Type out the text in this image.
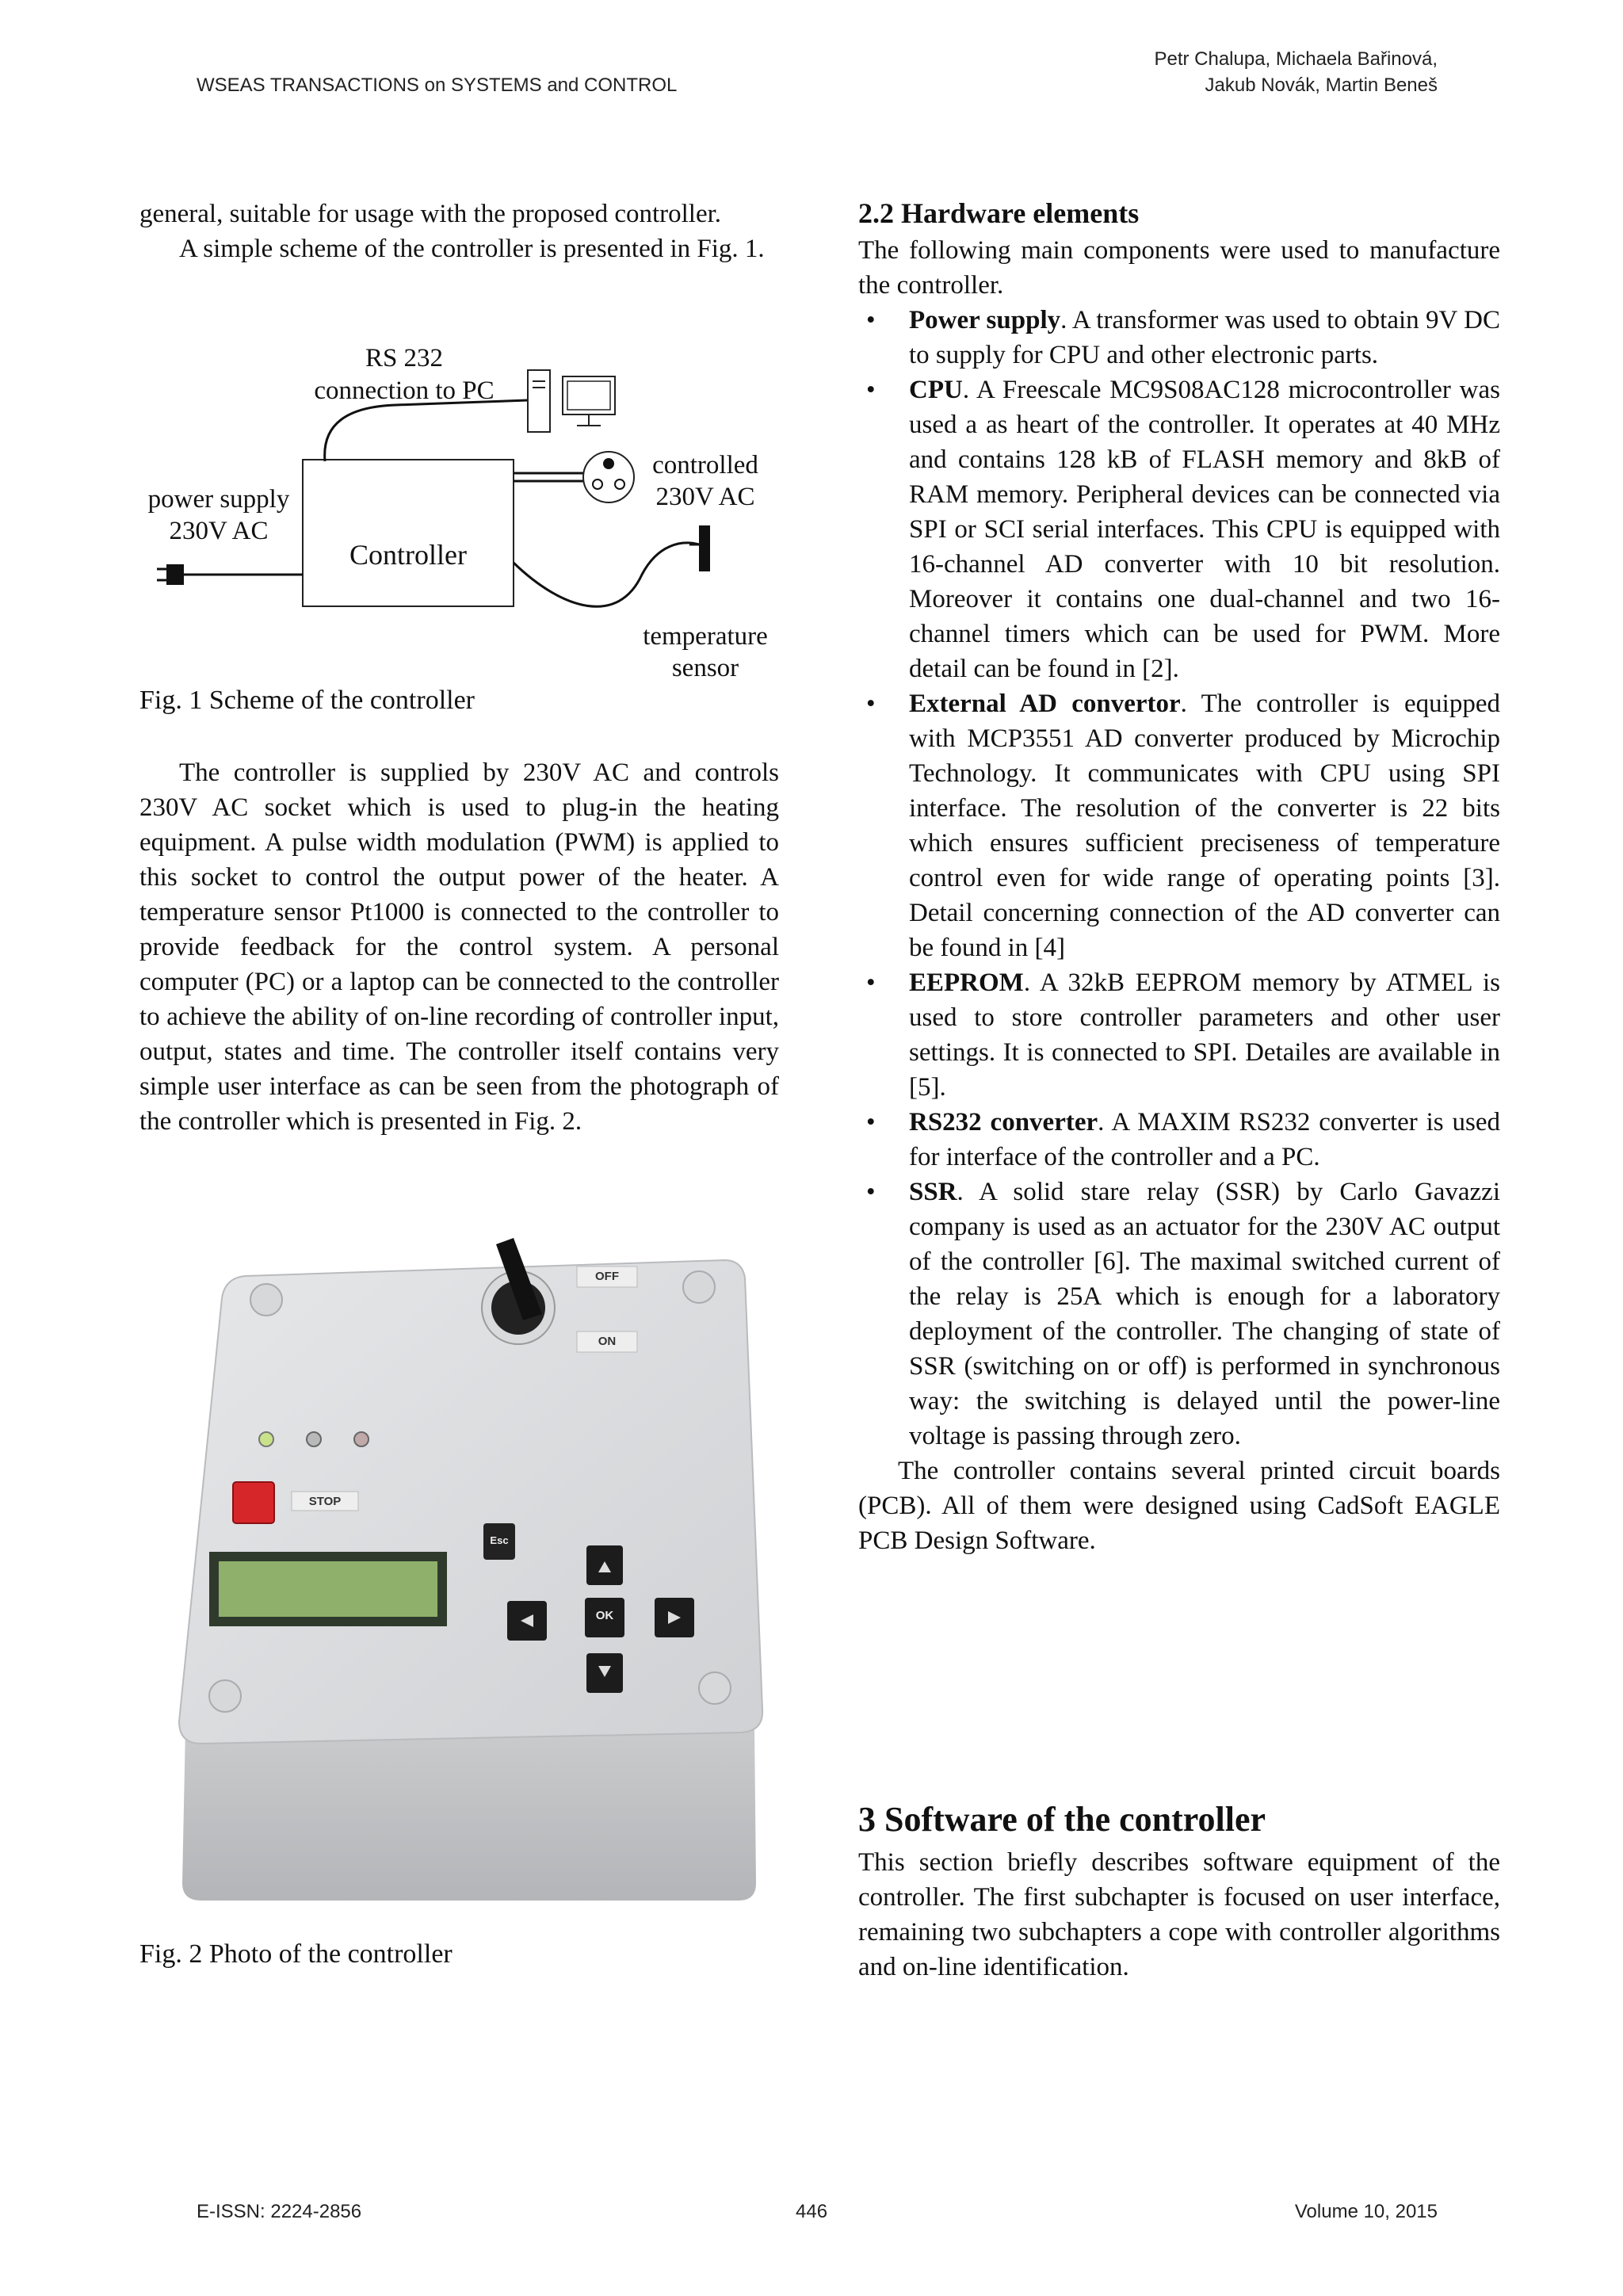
WSEAS TRANSACTIONS on SYSTEMS and CONTROL
Petr Chalupa, Michaela Bařinová,
Jakub Novák, Martin Beneš

general, suitable for usage with the proposed controller.

A simple scheme of the controller is presented in Fig. 1.

RS 232
connection to PC
power supply
230V AC
Controller
controlled
230V AC
temperature
sensor
Fig. 1 Scheme of the controller
The controller is supplied by 230V AC and controls 230V AC socket which is used to plug-in the heating equipment. A pulse width modulation (PWM) is applied to this socket to control the output power of the heater. A temperature sensor Pt1000 is connected to the controller to provide feedback for the control system. A personal computer (PC) or a laptop can be connected to the controller to achieve the ability of on-line recording of controller input, output, states and time. The controller itself contains very simple user interface as can be seen from the photograph of the controller which is presented in Fig. 2.
OFF
ON
STOP
Esc
OK
Fig. 2 Photo of the controller
2.2 Hardware elements

The following main components were used to manufacture the controller.

• Power supply. A transformer was used to obtain 9V DC to supply for CPU and other electronic parts.
• CPU. A Freescale MC9S08AC128 microcontroller was used a as heart of the controller. It operates at 40 MHz and contains 128 kB of FLASH memory and 8kB of RAM memory. Peripheral devices can be connected via SPI or SCI serial interfaces. This CPU is equipped with 16-channel AD converter with 10 bit resolution. Moreover it contains one dual-channel and two 16-channel timers which can be used for PWM. More detail can be found in [2].
• External AD convertor. The controller is equipped with MCP3551 AD converter produced by Microchip Technology. It communicates with CPU using SPI interface. The resolution of the converter is 22 bits which ensures sufficient preciseness of temperature control even for wide range of operating points [3]. Detail concerning connection of the AD converter can be found in [4]
• EEPROM. A 32kB EEPROM memory by ATMEL is used to store controller parameters and other user settings. It is connected to SPI. Detailes are available in [5].
• RS232 converter. A MAXIM RS232 converter is used for interface of the controller and a PC.
• SSR. A solid stare relay (SSR) by Carlo Gavazzi company is used as an actuator for the 230V AC output of the controller [6]. The maximal switched current of the relay is 25A which is enough for a laboratory deployment of the controller. The changing of state of SSR (switching on or off) is performed in synchronous way: the switching is delayed until the power-line voltage is passing through zero.

The controller contains several printed circuit boards (PCB). All of them were designed using CadSoft EAGLE PCB Design Software.

3 Software of the controller
This section briefly describes software equipment of the controller. The first subchapter is focused on user interface, remaining two subchapters a cope with controller algorithms and on-line identification.
E-ISSN: 2224-2856	446	Volume 10, 2015
